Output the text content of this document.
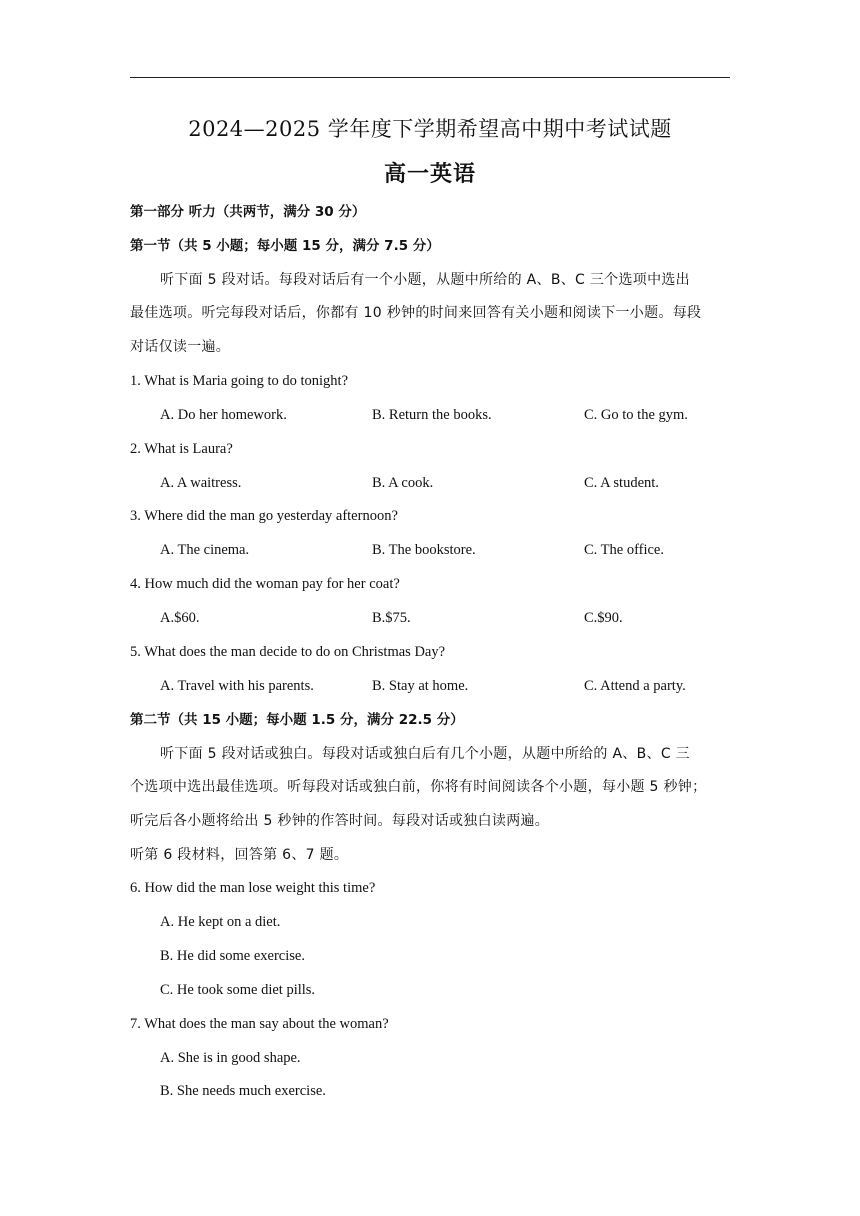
2024—2025 学年度下学期希望高中期中考试试题
高一英语
第一部分 听力（共两节，满分 30 分）
第一节（共 5 小题；每小题 15 分，满分 7.5 分）
听下面 5 段对话。每段对话后有一个小题，从题中所给的 A、B、C 三个选项中选出
最佳选项。听完每段对话后，你都有 10 秒钟的时间来回答有关小题和阅读下一小题。每段
对话仅读一遍。
1. What is Maria going to do tonight?
A. Do her homework.	B. Return the books.	C. Go to the gym.
2. What is Laura?
A. A waitress.	B. A cook.	C. A student.
3. Where did the man go yesterday afternoon?
A. The cinema.	B. The bookstore.	C. The office.
4. How much did the woman pay for her coat?
A.$60.	B.$75.	C.$90.
5. What does the man decide to do on Christmas Day?
A. Travel with his parents.	B. Stay at home.	C. Attend a party.
第二节（共 15 小题；每小题 1.5 分，满分 22.5 分）
听下面 5 段对话或独白。每段对话或独白后有几个小题，从题中所给的 A、B、C 三
个选项中选出最佳选项。听每段对话或独白前，你将有时间阅读各个小题，每小题 5 秒钟；
听完后各小题将给出 5 秒钟的作答时间。每段对话或独白读两遍。
听第 6 段材料，回答第 6、7 题。
6. How did the man lose weight this time?
A. He kept on a diet.
B. He did some exercise.
C. He took some diet pills.
7. What does the man say about the woman?
A. She is in good shape.
B. She needs much exercise.
